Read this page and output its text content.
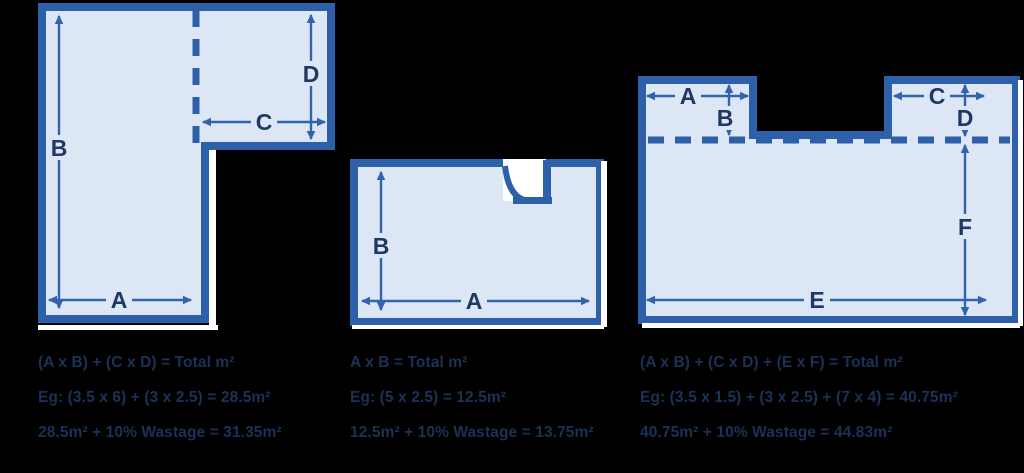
B
A
C
D
B
A
A
B
C
D
F
E

(A x B) + (C x D) = Total m²

Eg: (3.5 x 6) + (3 x 2.5) = 28.5m²

28.5m² + 10% Wastage = 31.35m²

A x B = Total m²

Eg: (5 x 2.5) = 12.5m²

12.5m² + 10% Wastage = 13.75m²

(A x B) + (C x D) + (E x F) = Total m²

Eg: (3.5 x 1.5) + (3 x 2.5) + (7 x 4) = 40.75m²

40.75m² + 10% Wastage = 44.83m²
